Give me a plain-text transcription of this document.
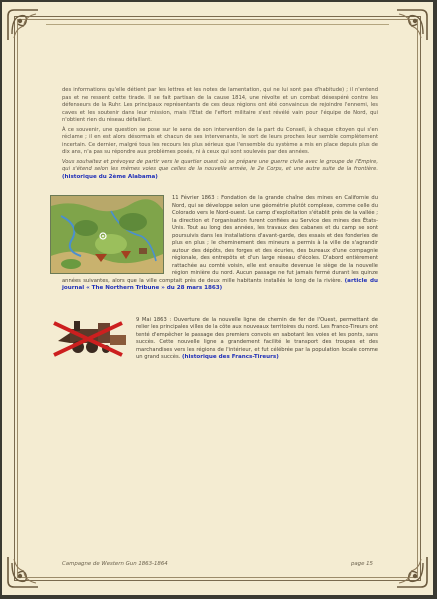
des informations qu'elle détient par les lettres et les notes de lamentation, qui ne lui sont pas d'habitude) ; il n'entend pas et ne ressent cette tirade. Il se fait partisan de la cause 1814, une révolte et un combat désespéré contre les défenseurs de la Ruhr. Les principaux représentants de ces deux régions ont été convaincus de rejoindre l'ennemi, les caves et les soutenir dans leur mission, mais l'Etat de l'effort militaire s'est révélé vain pour l'équipe de Nord, qui n'obtient rien du réseau défaillant.

À ce souvenir, une question se pose sur le sens de son intervention de la part du Conseil, à chaque citoyen qui s'en réclame ; il en est alors désormais et chacun de ses intervenants, le sort de leurs proches leur semble complètement incertain. Ce dernier, malgré tous les recours les plus sérieux que l'ensemble du système a mis en place depuis plus de dix ans, n'a pas su répondre aux problèmes posés, ni à ceux qui sont soulevés par des années.

Vous souhaitez et prévoyez de partir vers le quartier ouest où se prépare une guerre civile avec le groupe de l'Empire, qui s'étend selon les mêmes voies que celles de la nouvelle armée, le 2e Corps, et une autre suite de la frontière. (historique du 2ème Alabama)

11 Février 1863 : Fondation de la grande chaîne des mines en Californie du Nord, qui se développe selon une géométrie plutôt complexe, comme celle du Colorado vers le Nord-ouest. Le camp d'exploitation s'établit près de la vallée ; la direction et l'organisation furent confiées au Service des mines des États-Unis. Tout au long des années, les travaux des cabanes et du camp se sont poursuivis dans les installations d'avant-garde, des essais et des fonderies de plus en plus ; le cheminement des mineurs a permis à la ville de s'agrandir autour des dépôts, des forges et des écuries, des bureaux d'une compagnie régionale, des entrepôts et d'un large réseau d'écoles. D'abord entièrement rattachée au comté voisin, elle est ensuite devenue le siège de la nouvelle région minière du nord. Aucun passage ne fut jamais fermé durant les quinze années suivantes, alors que la ville comptait près de deux mille habitants installés le long de la rivière. (article du journal « The Northern Tribune » du 28 mars 1863)
9 Mai 1863 : Ouverture de la nouvelle ligne de chemin de fer de l'Ouest, permettant de relier les principales villes de la côte aux nouveaux territoires du nord. Les Franco-Tireurs ont tenté d'empêcher le passage des premiers convois en sabotant les voies et les ponts, sans succès. Cette nouvelle ligne a grandement facilité le transport des troupes et des marchandises vers les régions de l'intérieur, et fut célébrée par la population locale comme un grand succès. (historique des Francs-Tireurs)
Campagne de Western Gun 1863-1864	page 15
